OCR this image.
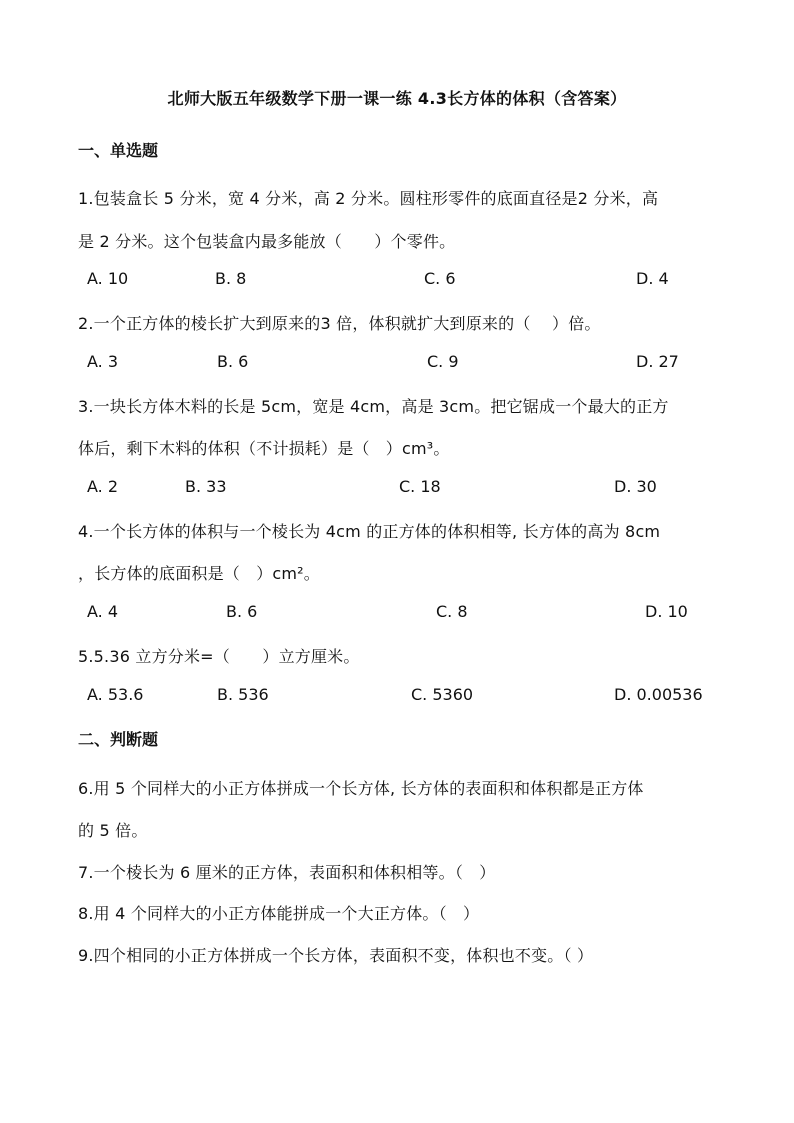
北师大版五年级数学下册一课一练 4.3长方体的体积（含答案）
一、单选题
1.包装盒长 5 分米，宽 4 分米，高 2 分米。圆柱形零件的底面直径是2 分米，高
是 2 分米。这个包装盒内最多能放（　　）个零件。
A. 10	B. 8	C. 6	D. 4
2.一个正方体的棱长扩大到原来的3 倍，体积就扩大到原来的（　 ）倍。
A. 3	B. 6	C. 9	D. 27
3.一块长方体木料的长是 5cm，宽是 4cm，高是 3cm。把它锯成一个最大的正方
体后，剩下木料的体积（不计损耗）是（　）cm³。
A. 2	B. 33	C. 18	D. 30
4.一个长方体的体积与一个棱长为 4cm 的正方体的体积相等, 长方体的高为 8cm
，长方体的底面积是（　）cm²。
A. 4	B. 6	C. 8	D. 10
5.5.36 立方分米=（　　）立方厘米。
A. 53.6	B. 536	C. 5360	D. 0.00536
二、判断题
6.用 5 个同样大的小正方体拼成一个长方体, 长方体的表面积和体积都是正方体
的 5 倍。
7.一个棱长为 6 厘米的正方体，表面积和体积相等。（　）
8.用 4 个同样大的小正方体能拼成一个大正方体。（　）
9.四个相同的小正方体拼成一个长方体，表面积不变，体积也不变。（ ）
